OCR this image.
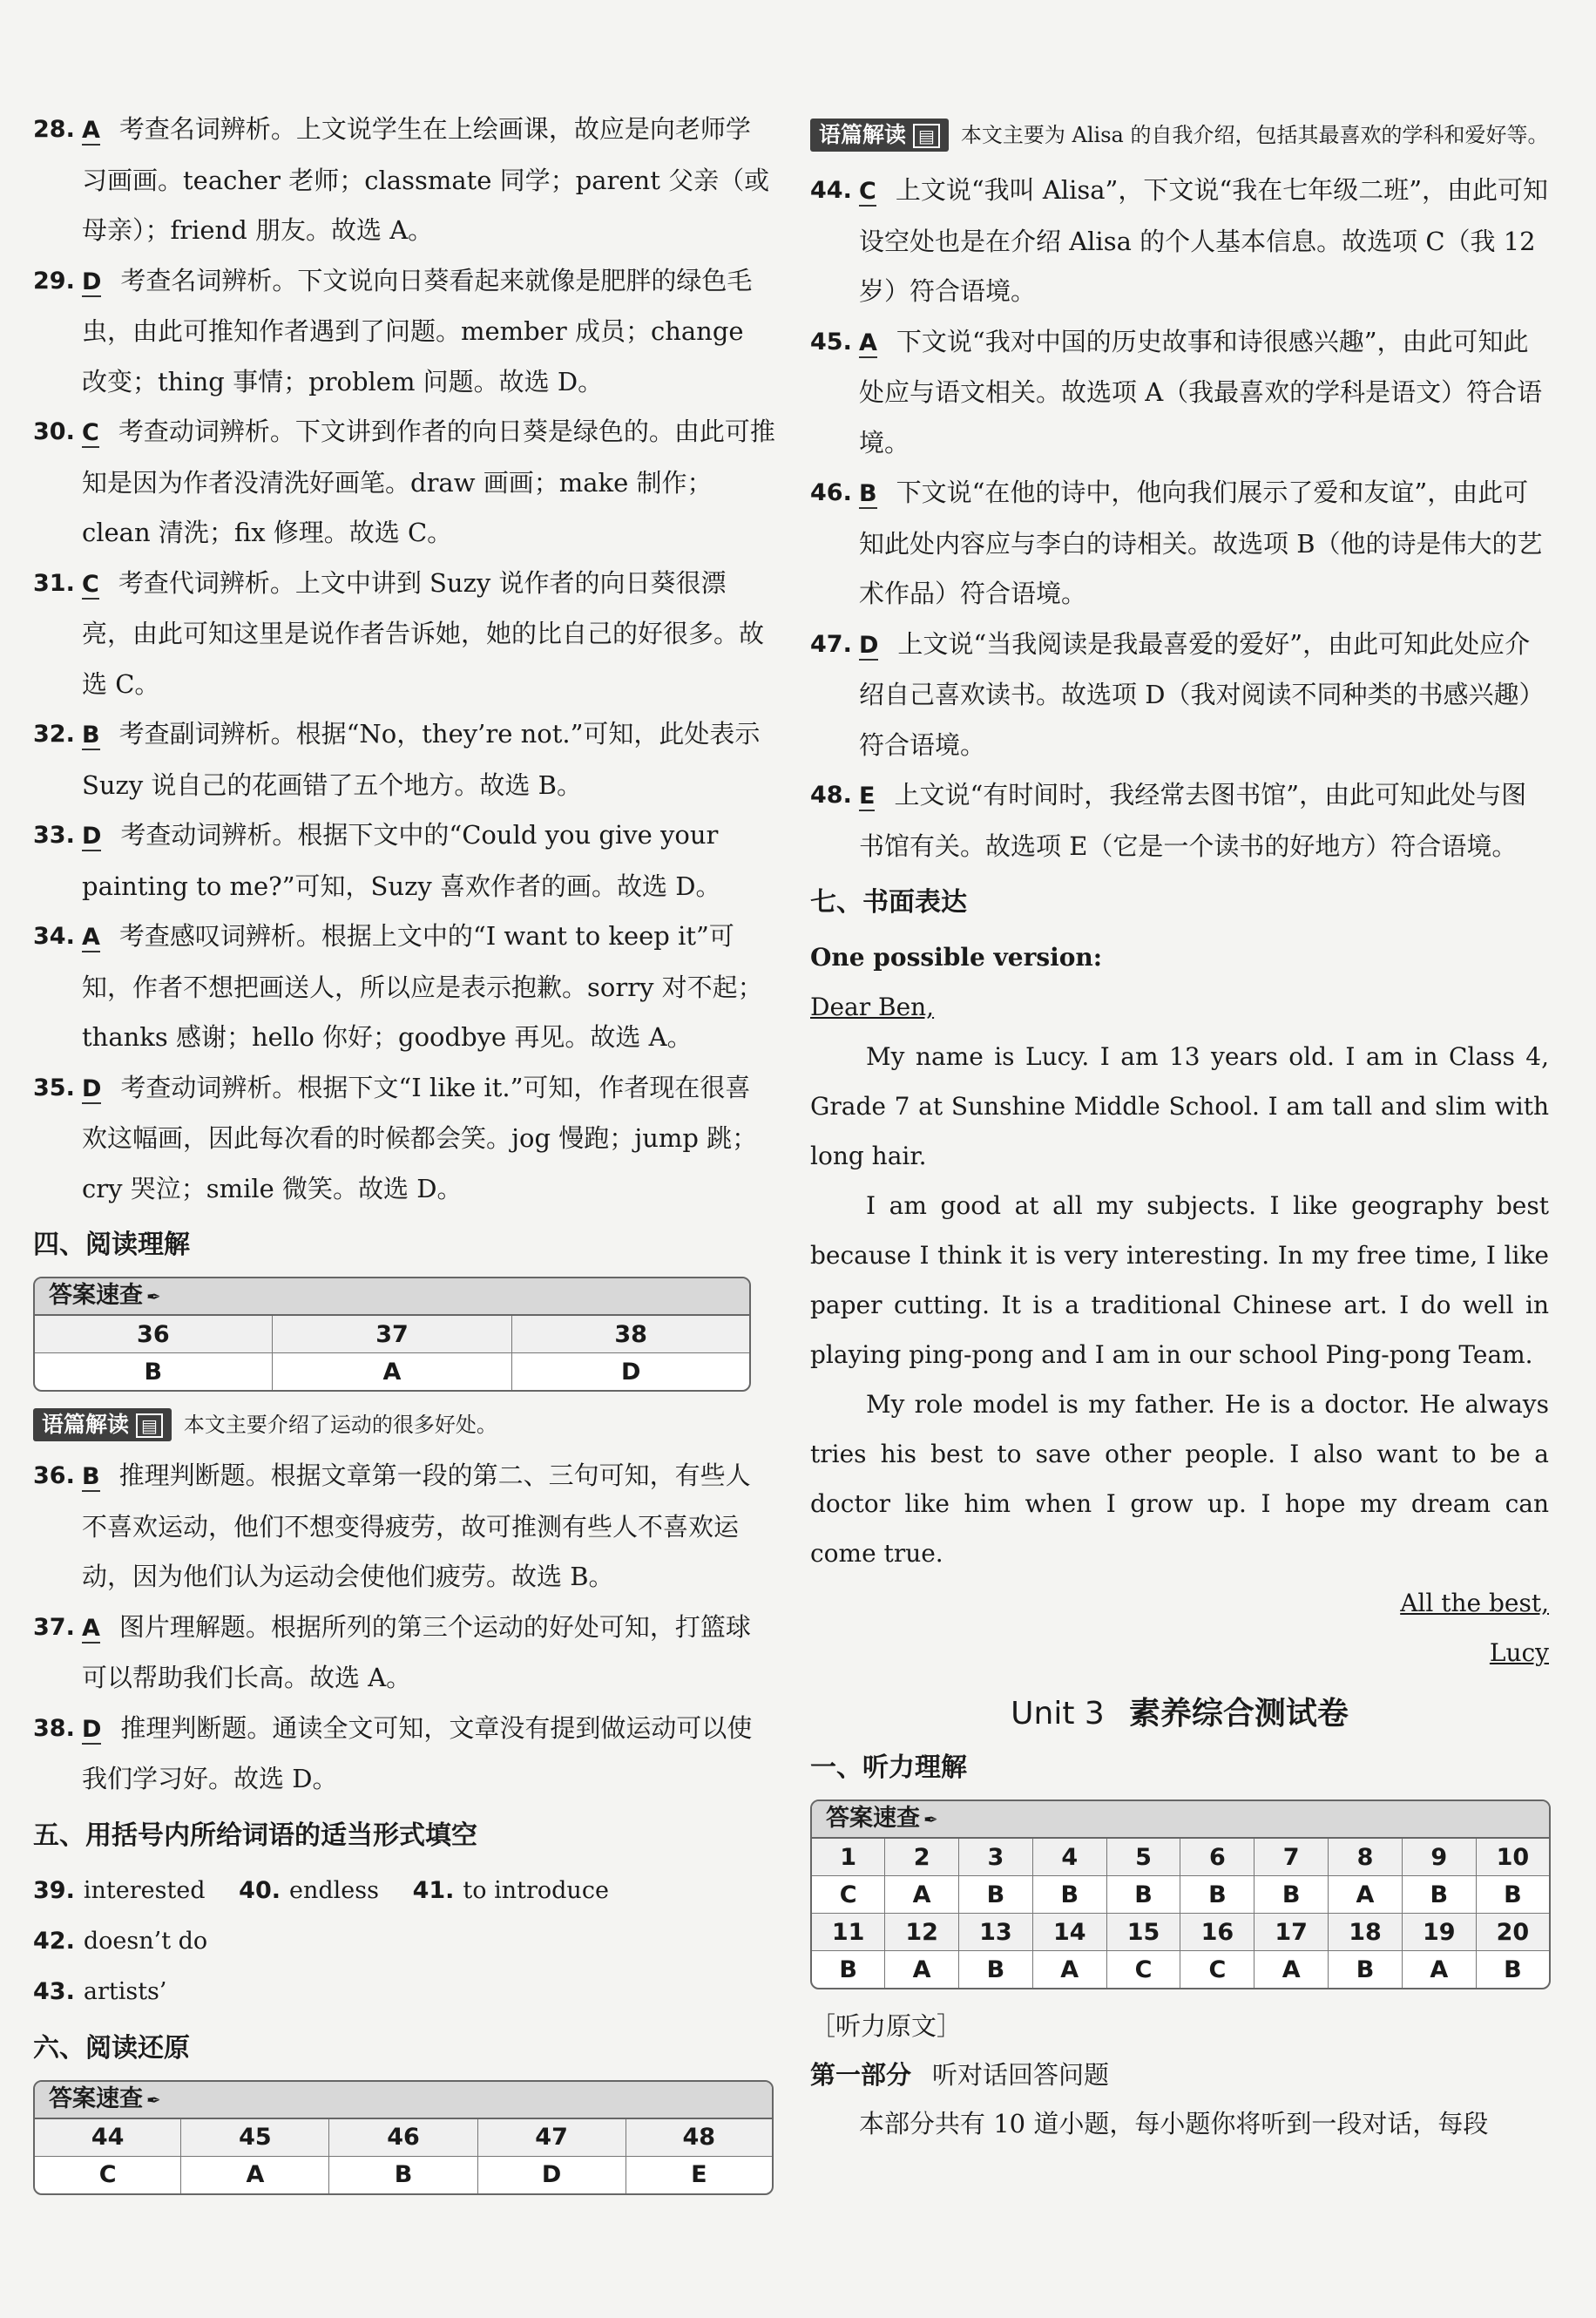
28. A 考查名词辨析。上文说学生在上绘画课，故应是向老师学习画画。teacher 老师；classmate 同学；parent 父亲（或母亲）；friend 朋友。故选 A。

29. D 考查名词辨析。下文说向日葵看起来就像是肥胖的绿色毛虫，由此可推知作者遇到了问题。member 成员；change 改变；thing 事情；problem 问题。故选 D。

30. C 考查动词辨析。下文讲到作者的向日葵是绿色的。由此可推知是因为作者没清洗好画笔。draw 画画；make 制作；clean 清洗；fix 修理。故选 C。

31. C 考查代词辨析。上文中讲到 Suzy 说作者的向日葵很漂亮，由此可知这里是说作者告诉她，她的比自己的好很多。故选 C。

32. B 考查副词辨析。根据“No，they’re not.”可知，此处表示 Suzy 说自己的花画错了五个地方。故选 B。

33. D 考查动词辨析。根据下文中的“Could you give your painting to me?”可知，Suzy 喜欢作者的画。故选 D。

34. A 考查感叹词辨析。根据上文中的“I want to keep it”可知，作者不想把画送人，所以应是表示抱歉。sorry 对不起；thanks 感谢；hello 你好；goodbye 再见。故选 A。

35. D 考查动词辨析。根据下文“I like it.”可知，作者现在很喜欢这幅画，因此每次看的时候都会笑。jog 慢跑；jump 跳；cry 哭泣；smile 微笑。故选 D。

四、阅读理解
答案速查 ✒
36	37	38
B	A	D
语篇解读 ▤ 本文主要介绍了运动的很多好处。

36. B 推理判断题。根据文章第一段的第二、三句可知，有些人不喜欢运动，他们不想变得疲劳，故可推测有些人不喜欢运动，因为他们认为运动会使他们疲劳。故选 B。

37. A 图片理解题。根据所列的第三个运动的好处可知，打篮球可以帮助我们长高。故选 A。

38. D 推理判断题。通读全文可知，文章没有提到做运动可以使我们学习好。故选 D。

五、用括号内所给词语的适当形式填空
39. interested 40. endless 41. to introduce 42. doesn’t do
43. artists’
六、阅读还原
答案速查 ✒
44	45	46	47	48
C	A	B	D	E
语篇解读 ▤ 本文主要为 Alisa 的自我介绍，包括其最喜欢的学科和爱好等。

44. C 上文说“我叫 Alisa”，下文说“我在七年级二班”，由此可知设空处也是在介绍 Alisa 的个人基本信息。故选项 C（我 12 岁）符合语境。

45. A 下文说“我对中国的历史故事和诗很感兴趣”，由此可知此处应与语文相关。故选项 A（我最喜欢的学科是语文）符合语境。

46. B 下文说“在他的诗中，他向我们展示了爱和友谊”，由此可知此处内容应与李白的诗相关。故选项 B（他的诗是伟大的艺术作品）符合语境。

47. D 上文说“当我阅读是我最喜爱的爱好”，由此可知此处应介绍自己喜欢读书。故选项 D（我对阅读不同种类的书感兴趣）符合语境。

48. E 上文说“有时间时，我经常去图书馆”，由此可知此处与图书馆有关。故选项 E（它是一个读书的好地方）符合语境。

七、书面表达
One possible version:
Dear Ben,

My name is Lucy. I am 13 years old. I am in Class 4, Grade 7 at Sunshine Middle School. I am tall and slim with long hair.

I am good at all my subjects. I like geography best because I think it is very interesting. In my free time, I like paper cutting. It is a traditional Chinese art. I do well in playing ping-pong and I am in our school Ping-pong Team.

My role model is my father. He is a doctor. He always tries his best to save other people. I also want to be a doctor like him when I grow up. I hope my dream can come true.

All the best,

Lucy

Unit 3 素养综合测试卷
一、听力理解
答案速查 ✒
1	2	3	4	5	6	7	8	9	10
C	A	B	B	B	B	B	A	B	B
11	12	13	14	15	16	17	18	19	20
B	A	B	A	C	C	A	B	A	B
［听力原文］
第一部分 听对话回答问题
本部分共有 10 道小题，每小题你将听到一段对话，每段
